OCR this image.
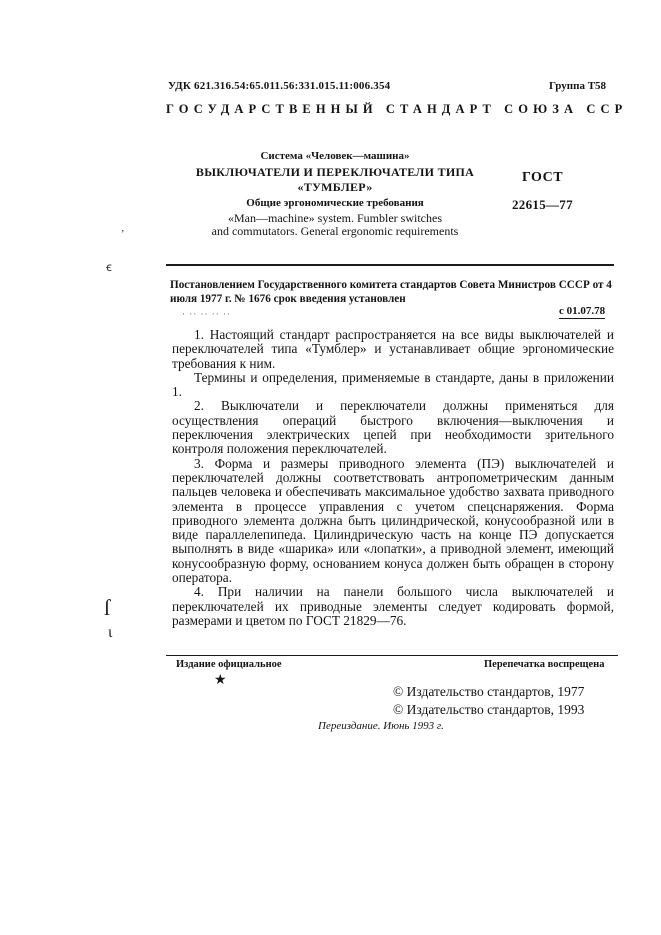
УДК 621.316.54:65.011.56:331.015.11:006.354	Группа Т58
ГОСУДАРСТВЕННЫЙ СТАНДАРТ СОЮЗА ССР
Система «Человек—машина»
ВЫКЛЮЧАТЕЛИ И ПЕРЕКЛЮЧАТЕЛИ ТИПА
«ТУМБЛЕР»
Общие эргономические требования
«Man—machine» system. Fumbler switches
and commutators. General ergonomic requirements
ГОСТ
22615—77
Постановлением Государственного комитета стандартов Совета Министров СССР от 4 июля 1977 г. № 1676 срок введения установлен
· ·· ·· ·· ··	с 01.07.78

1. Настоящий стандарт распространяется на все виды выключателей и переключателей типа «Тумблер» и устанавливает общие эргономические требования к ним.

Термины и определения, применяемые в стандарте, даны в приложении 1.

2. Выключатели и переключатели должны применяться для осуществления операций быстрого включения—выключения и переключения электрических цепей при необходимости зрительного контроля положения переключателей.

3. Форма и размеры приводного элемента (ПЭ) выключателей и переключателей должны соответствовать антропометрическим данным пальцев человека и обеспечивать максимальное удобство захвата приводного элемента в процессе управления с учетом спецснаряжения. Форма приводного элемента должна быть цилиндрической, конусообразной или в виде параллелепипеда. Цилиндрическую часть на конце ПЭ допускается выполнять в виде «шарика» или «лопатки», а приводной элемент, имеющий конусообразную форму, основанием конуса должен быть обращен в сторону оператора.

4. При наличии на панели большого числа выключателей и переключателей их приводные элементы следует кодировать формой, размерами и цветом по ГОСТ 21829—76.

Издание официальное	Перепечатка воспрещена
★
© Издательство стандартов, 1977
© Издательство стандартов, 1993
Переиздание. Июнь 1993 г.
’
ꞓ
ſ
ι
